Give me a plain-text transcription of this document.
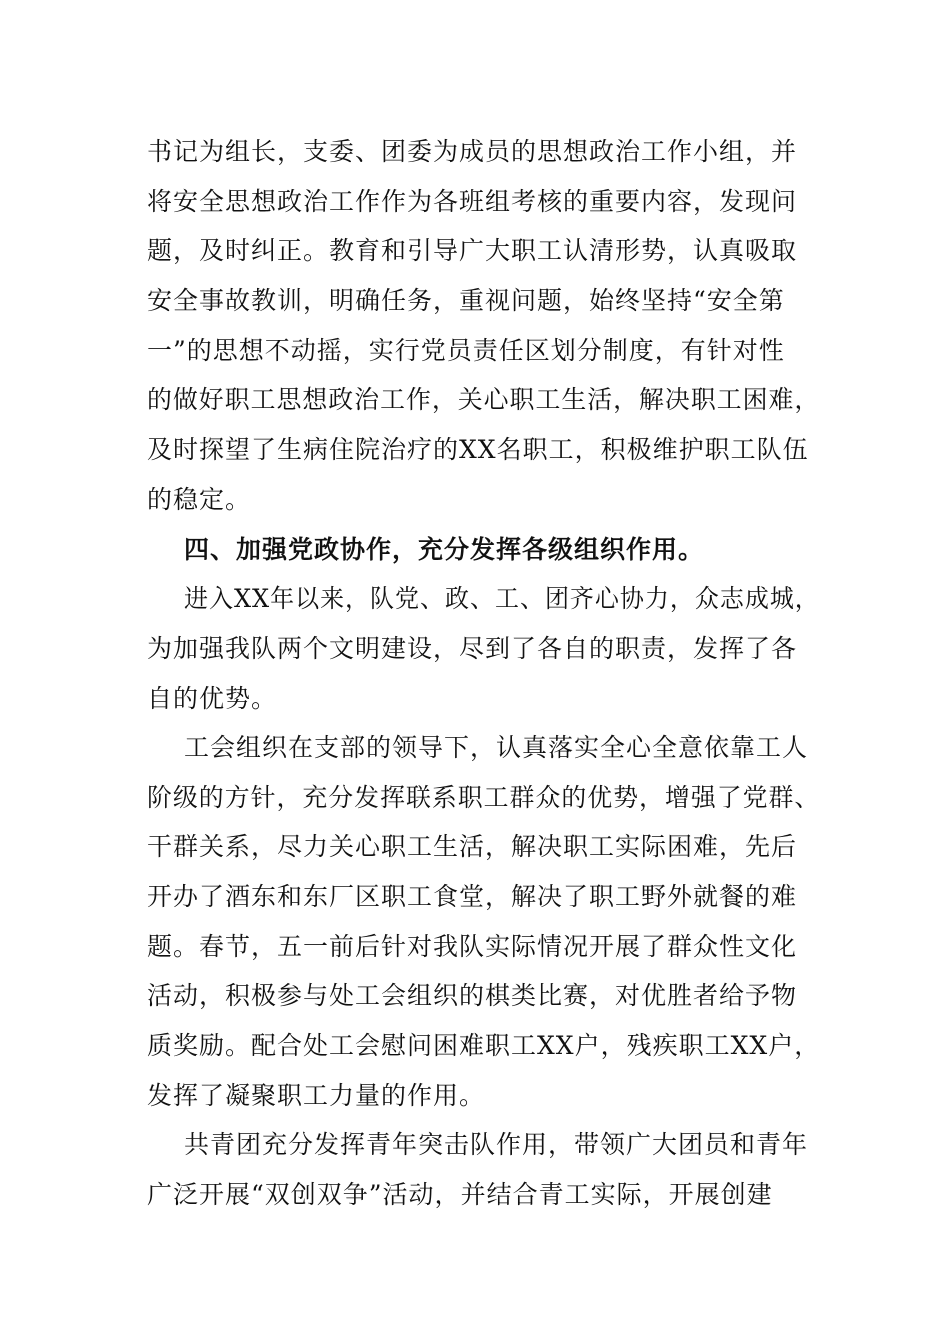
书记为组长，支委、团委为成员的思想政治工作小组，并
将安全思想政治工作作为各班组考核的重要内容，发现问
题，及时纠正。教育和引导广大职工认清形势，认真吸取
安全事故教训，明确任务，重视问题，始终坚持“安全第
一”的思想不动摇，实行党员责任区划分制度，有针对性
的做好职工思想政治工作，关心职工生活，解决职工困难，
及时探望了生病住院治疗的XX名职工，积极维护职工队伍
的稳定。
四、加强党政协作，充分发挥各级组织作用。
进入XX年以来，队党、政、工、团齐心协力，众志成城，
为加强我队两个文明建设，尽到了各自的职责，发挥了各
自的优势。
工会组织在支部的领导下，认真落实全心全意依靠工人
阶级的方针，充分发挥联系职工群众的优势，增强了党群、
干群关系，尽力关心职工生活，解决职工实际困难，先后
开办了酒东和东厂区职工食堂，解决了职工野外就餐的难
题。春节，五一前后针对我队实际情况开展了群众性文化
活动，积极参与处工会组织的棋类比赛，对优胜者给予物
质奖励。配合处工会慰问困难职工XX户，残疾职工XX户，
发挥了凝聚职工力量的作用。
共青团充分发挥青年突击队作用，带领广大团员和青年
广泛开展“双创双争”活动，并结合青工实际，开展创建
